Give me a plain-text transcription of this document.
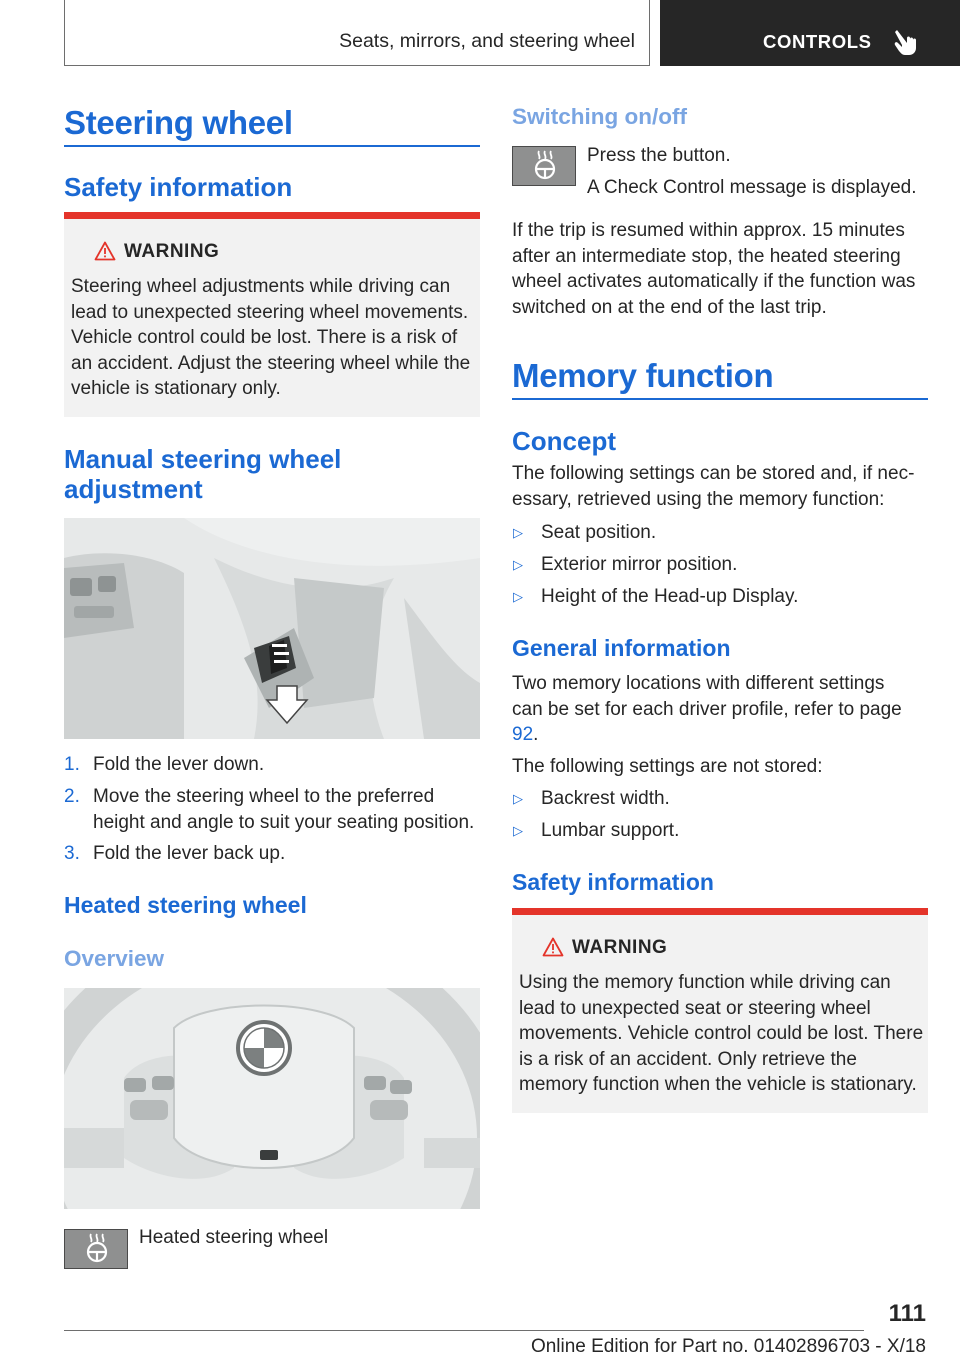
Seats, mirrors, and steering wheel	CONTROLS
Steering wheel
Safety information
WARNING
Steering wheel adjustments while driving can lead to unexpected steering wheel movements. Vehicle control could be lost. There is a risk of an accident. Adjust the steering wheel while the vehicle is stationary only.
Manual steering wheel adjustment
1. Fold the lever down.
2. Move the steering wheel to the preferred height and angle to suit your seating position.
3. Fold the lever back up.
Heated steering wheel
Overview
Heated steering wheel
Switching on/off
Press the button.
A Check Control message is displayed.
If the trip is resumed within approx. 15 minutes after an intermediate stop, the heated steering wheel activates automatically if the function was switched on at the end of the last trip.
Memory function
Concept
The following settings can be stored and, if nec-essary, retrieved using the memory function:
▷ Seat position.
▷ Exterior mirror position.
▷ Height of the Head-up Display.
General information
Two memory locations with different settings can be set for each driver profile, refer to page 92.
The following settings are not stored:
▷ Backrest width.
▷ Lumbar support.
Safety information
WARNING
Using the memory function while driving can lead to unexpected seat or steering wheel movements. Vehicle control could be lost. There is a risk of an accident. Only retrieve the memory function when the vehicle is stationary.
111
Online Edition for Part no. 01402896703 - X/18
